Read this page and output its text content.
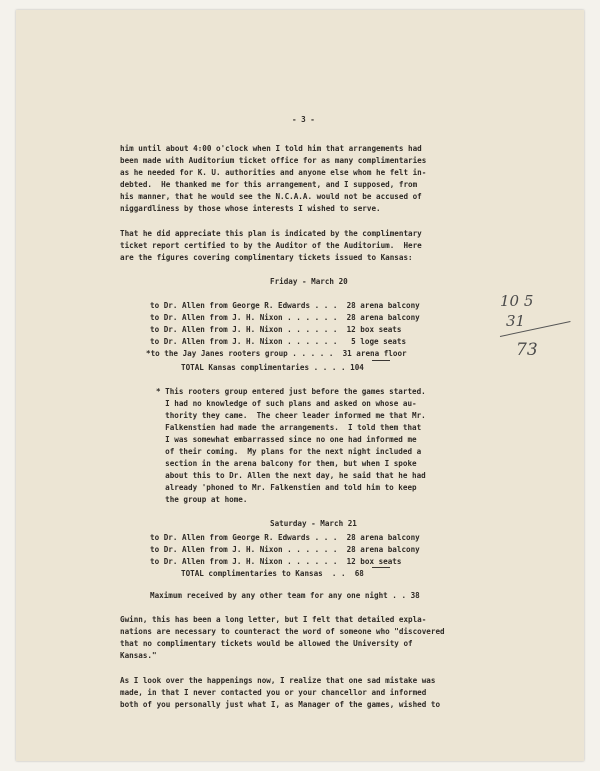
- 3 -

him until about 4:00 o'clock when I told him that arrangements had

been made with Auditorium ticket office for as many complimentaries

as he needed for K. U. authorities and anyone else whom he felt in-

debted.  He thanked me for this arrangement, and I supposed, from

his manner, that he would see the N.C.A.A. would not be accused of

niggardliness by those whose interests I wished to serve.

That he did appreciate this plan is indicated by the complimentary

ticket report certified to by the Auditor of the Auditorium.  Here

are the figures covering complimentary tickets issued to Kansas:

Friday - March 20

to Dr. Allen from George R. Edwards . . .  28 arena balcony

to Dr. Allen from J. H. Nixon . . . . . .  28 arena balcony

to Dr. Allen from J. H. Nixon . . . . . .  12 box seats

to Dr. Allen from J. H. Nixon . . . . . .   5 loge seats

*to the Jay Janes rooters group . . . . .  31 arena floor

TOTAL Kansas complimentaries . . . . 104

* This rooters group entered just before the games started.

I had no knowledge of such plans and asked on whose au-

thority they came.  The cheer leader informed me that Mr.

Falkenstien had made the arrangements.  I told them that

I was somewhat embarrassed since no one had informed me

of their coming.  My plans for the next night included a

section in the arena balcony for them, but when I spoke

about this to Dr. Allen the next day, he said that he had

already 'phoned to Mr. Falkenstien and told him to keep

the group at home.

Saturday - March 21

to Dr. Allen from George R. Edwards . . .  28 arena balcony

to Dr. Allen from J. H. Nixon . . . . . .  28 arena balcony

to Dr. Allen from J. H. Nixon . . . . . .  12 box seats

TOTAL complimentaries to Kansas  . .  68

Maximum received by any other team for any one night . . 38

Gwinn, this has been a long letter, but I felt that detailed expla-

nations are necessary to counteract the word of someone who "discovered

that no complimentary tickets would be allowed the University of

Kansas."

As I look over the happenings now, I realize that one sad mistake was

made, in that I never contacted you or your chancellor and informed

both of you personally just what I, as Manager of the games, wished to

10 5

31

73
